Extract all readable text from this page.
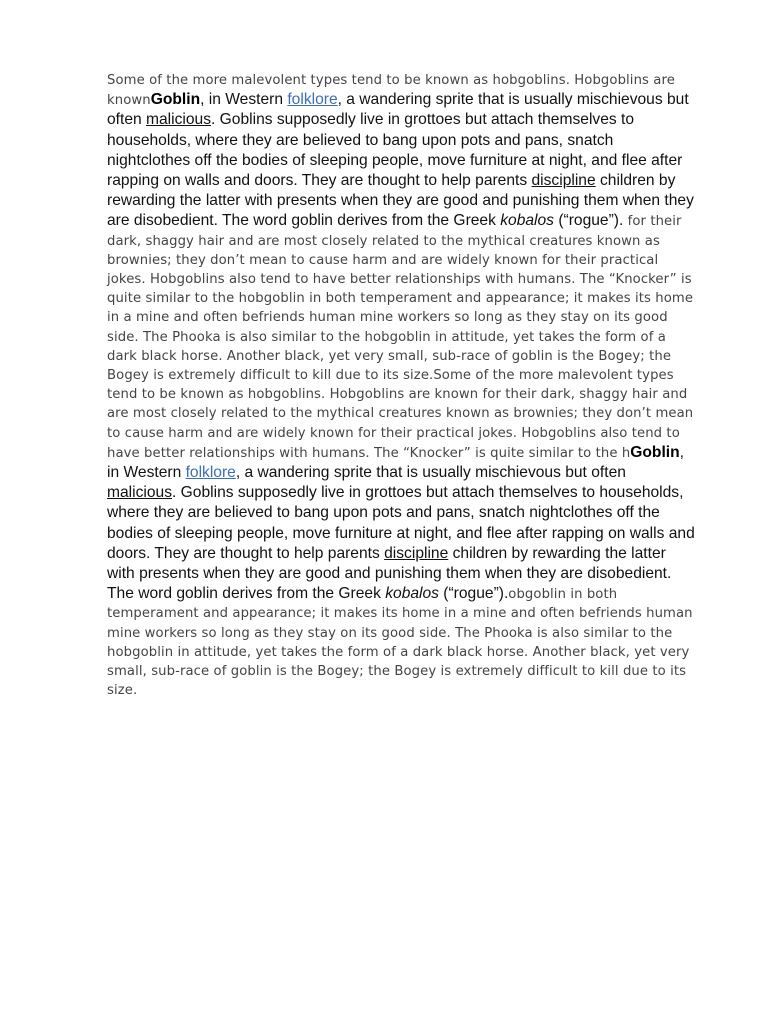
Some of the more malevolent types tend to be known as hobgoblins. Hobgoblins are knownGoblin, in Western folklore, a wandering sprite that is usually mischievous but often malicious. Goblins supposedly live in grottoes but attach themselves to households, where they are believed to bang upon pots and pans, snatch nightclothes off the bodies of sleeping people, move furniture at night, and flee after rapping on walls and doors. They are thought to help parents discipline children by rewarding the latter with presents when they are good and punishing them when they are disobedient. The word goblin derives from the Greek kobalos (“rogue”). for their dark, shaggy hair and are most closely related to the mythical creatures known as brownies; they don’t mean to cause harm and are widely known for their practical jokes. Hobgoblins also tend to have better relationships with humans. The “Knocker” is quite similar to the hobgoblin in both temperament and appearance; it makes its home in a mine and often befriends human mine workers so long as they stay on its good side. The Phooka is also similar to the hobgoblin in attitude, yet takes the form of a dark black horse. Another black, yet very small, sub-race of goblin is the Bogey; the Bogey is extremely difficult to kill due to its size.Some of the more malevolent types tend to be known as hobgoblins. Hobgoblins are known for their dark, shaggy hair and are most closely related to the mythical creatures known as brownies; they don’t mean to cause harm and are widely known for their practical jokes. Hobgoblins also tend to have better relationships with humans. The “Knocker” is quite similar to the hGoblin, in Western folklore, a wandering sprite that is usually mischievous but often malicious. Goblins supposedly live in grottoes but attach themselves to households, where they are believed to bang upon pots and pans, snatch nightclothes off the bodies of sleeping people, move furniture at night, and flee after rapping on walls and doors. They are thought to help parents discipline children by rewarding the latter with presents when they are good and punishing them when they are disobedient. The word goblin derives from the Greek kobalos (“rogue”).obgoblin in both temperament and appearance; it makes its home in a mine and often befriends human mine workers so long as they stay on its good side. The Phooka is also similar to the hobgoblin in attitude, yet takes the form of a dark black horse. Another black, yet very small, sub-race of goblin is the Bogey; the Bogey is extremely difficult to kill due to its size.
